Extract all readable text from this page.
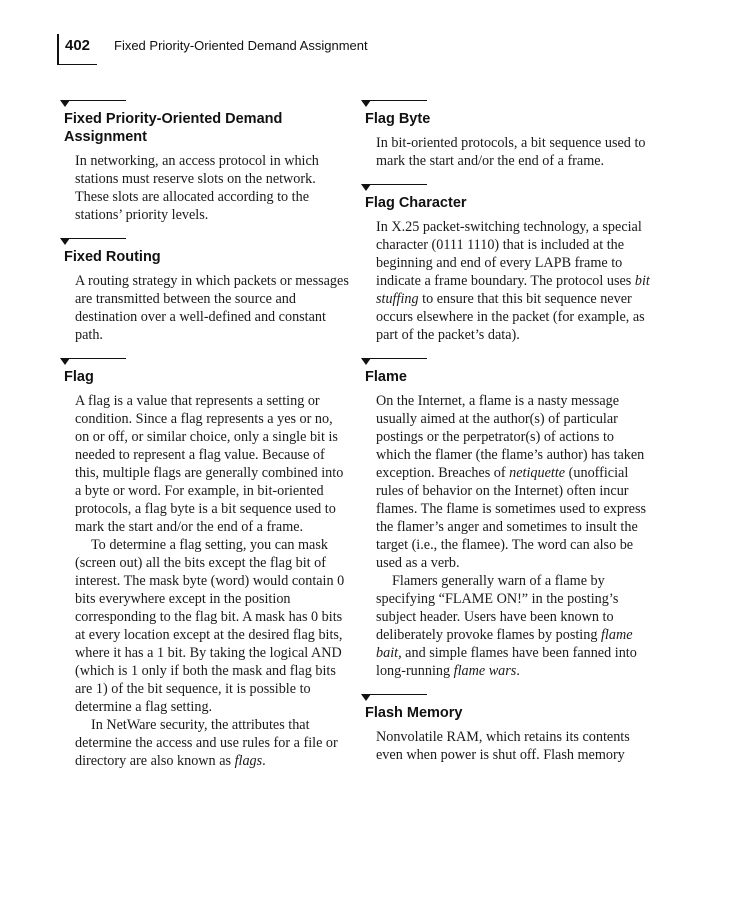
402 Fixed Priority-Oriented Demand Assignment
Fixed Priority-Oriented Demand Assignment

In networking, an access protocol in which stations must reserve slots on the network. These slots are allocated according to the stations’ priority levels.

Fixed Routing

A routing strategy in which packets or messages are transmitted between the source and destination over a well-defined and constant path.

Flag

A flag is a value that represents a setting or condition. Since a flag represents a yes or no, on or off, or similar choice, only a single bit is needed to represent a flag value. Because of this, multiple flags are generally combined into a byte or word. For example, in bit-oriented protocols, a flag byte is a bit sequence used to mark the start and/or the end of a frame.

To determine a flag setting, you can mask (screen out) all the bits except the flag bit of interest. The mask byte (word) would contain 0 bits everywhere except in the position corresponding to the flag bit. A mask has 0 bits at every location except at the desired flag bits, where it has a 1 bit. By taking the logical AND (which is 1 only if both the mask and flag bits are 1) of the bit sequence, it is possible to determine a flag setting.

In NetWare security, the attributes that determine the access and use rules for a file or directory are also known as flags.

Flag Byte

In bit-oriented protocols, a bit sequence used to mark the start and/or the end of a frame.

Flag Character

In X.25 packet-switching technology, a special character (0111 1110) that is included at the beginning and end of every LAPB frame to indicate a frame boundary. The protocol uses bit stuffing to ensure that this bit sequence never occurs elsewhere in the packet (for example, as part of the packet’s data).

Flame

On the Internet, a flame is a nasty message usually aimed at the author(s) of particular postings or the perpetrator(s) of actions to which the flamer (the flame’s author) has taken exception. Breaches of netiquette (unofficial rules of behavior on the Internet) often incur flames. The flame is sometimes used to express the flamer’s anger and sometimes to insult the target (i.e., the flamee). The word can also be used as a verb.

Flamers generally warn of a flame by specifying “FLAME ON!” in the posting’s subject header. Users have been known to deliberately provoke flames by posting flame bait, and simple flames have been fanned into long-running flame wars.

Flash Memory

Nonvolatile RAM, which retains its contents even when power is shut off. Flash memory
